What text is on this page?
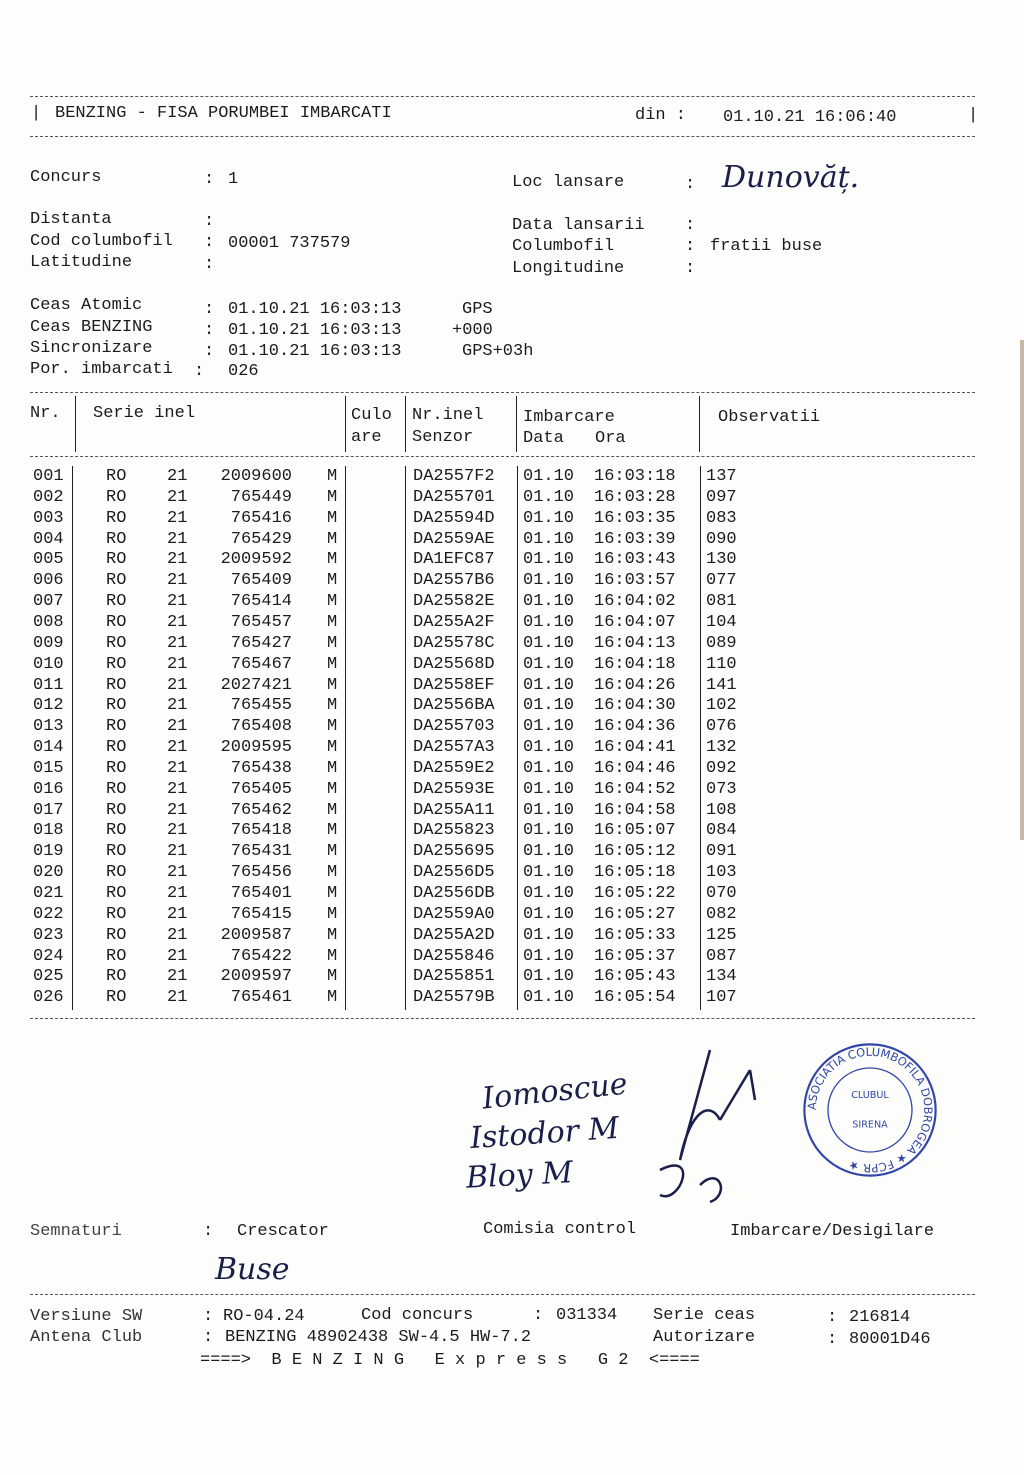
| BENZING - FISA PORUMBEI IMBARCATI	din : 01.10.21 16:06:40	|
Concurs	: 1
Distanta	:
Cod columbofil : 00001 737579
Latitudine	:
Loc lansare	: Dunovăț.
Data lansarii :
Columbofil	: fratii buse
Longitudine	:
Ceas Atomic	: 01.10.21 16:03:13	GPS
Ceas BENZING	: 01.10.21 16:03:13	+000
Sincronizare	: 01.10.21 16:03:13	GPS+03h
Por. imbarcati : 026
Nr. Serie inel	Culo
are
Nr.inel
Senzor
Imbarcare
Data Ora
Observatii
001 RO 21 2009600 M	DA2557F2 01.10 16:03:18 137
002 RO 21	765449 M	DA255701 01.10 16:03:28 097
003 RO 21	765416 M	DA25594D 01.10 16:03:35 083
004 RO 21	765429 M	DA2559AE 01.10 16:03:39 090
005 RO 21 2009592 M	DA1EFC87 01.10 16:03:43 130
006 RO 21	765409 M	DA2557B6 01.10 16:03:57 077
007 RO 21	765414 M	DA25582E 01.10 16:04:02 081
008 RO 21	765457 M	DA255A2F 01.10 16:04:07 104
009 RO 21	765427 M	DA25578C 01.10 16:04:13 089
010 RO 21	765467 M	DA25568D 01.10 16:04:18 110
011 RO 21 2027421 M	DA2558EF 01.10 16:04:26 141
012 RO 21	765455 M	DA2556BA 01.10 16:04:30 102
013 RO 21	765408 M	DA255703 01.10 16:04:36 076
014 RO 21 2009595 M	DA2557A3 01.10 16:04:41 132
015 RO 21	765438 M	DA2559E2 01.10 16:04:46 092
016 RO 21	765405 M	DA25593E 01.10 16:04:52 073
017 RO 21	765462 M	DA255A11 01.10 16:04:58 108
018 RO 21	765418 M	DA255823 01.10 16:05:07 084
019 RO 21	765431 M	DA255695 01.10 16:05:12 091
020 RO 21	765456 M	DA2556D5 01.10 16:05:18 103
021 RO 21	765401 M	DA2556DB 01.10 16:05:22 070
022 RO 21	765415 M	DA2559A0 01.10 16:05:27 082
023 RO 21 2009587 M	DA255A2D 01.10 16:05:33 125
024 RO 21	765422 M	DA255846 01.10 16:05:37 087
025 RO 21 2009597 M	DA255851 01.10 16:05:43 134
026 RO 21	765461 M	DA25579B 01.10 16:05:54 107
Iomoscue
Istodor M
Bloy M
ASOCIATIA COLUMBOFILA DOBROGEA ★ FCPR ★
CLUBUL
SIRENA
Semnaturi	: Crescator	Comisia control	Imbarcare/Desigilare
Buse
Versiune SW	: RO-04.24	Cod concurs	: 031334 Serie ceas	: 216814
Antena Club	: BENZING 48902438 SW-4.5 HW-7.2	Autorizare	: 80001D46
====>  B E N Z I N G   E x p r e s s   G 2  <====
